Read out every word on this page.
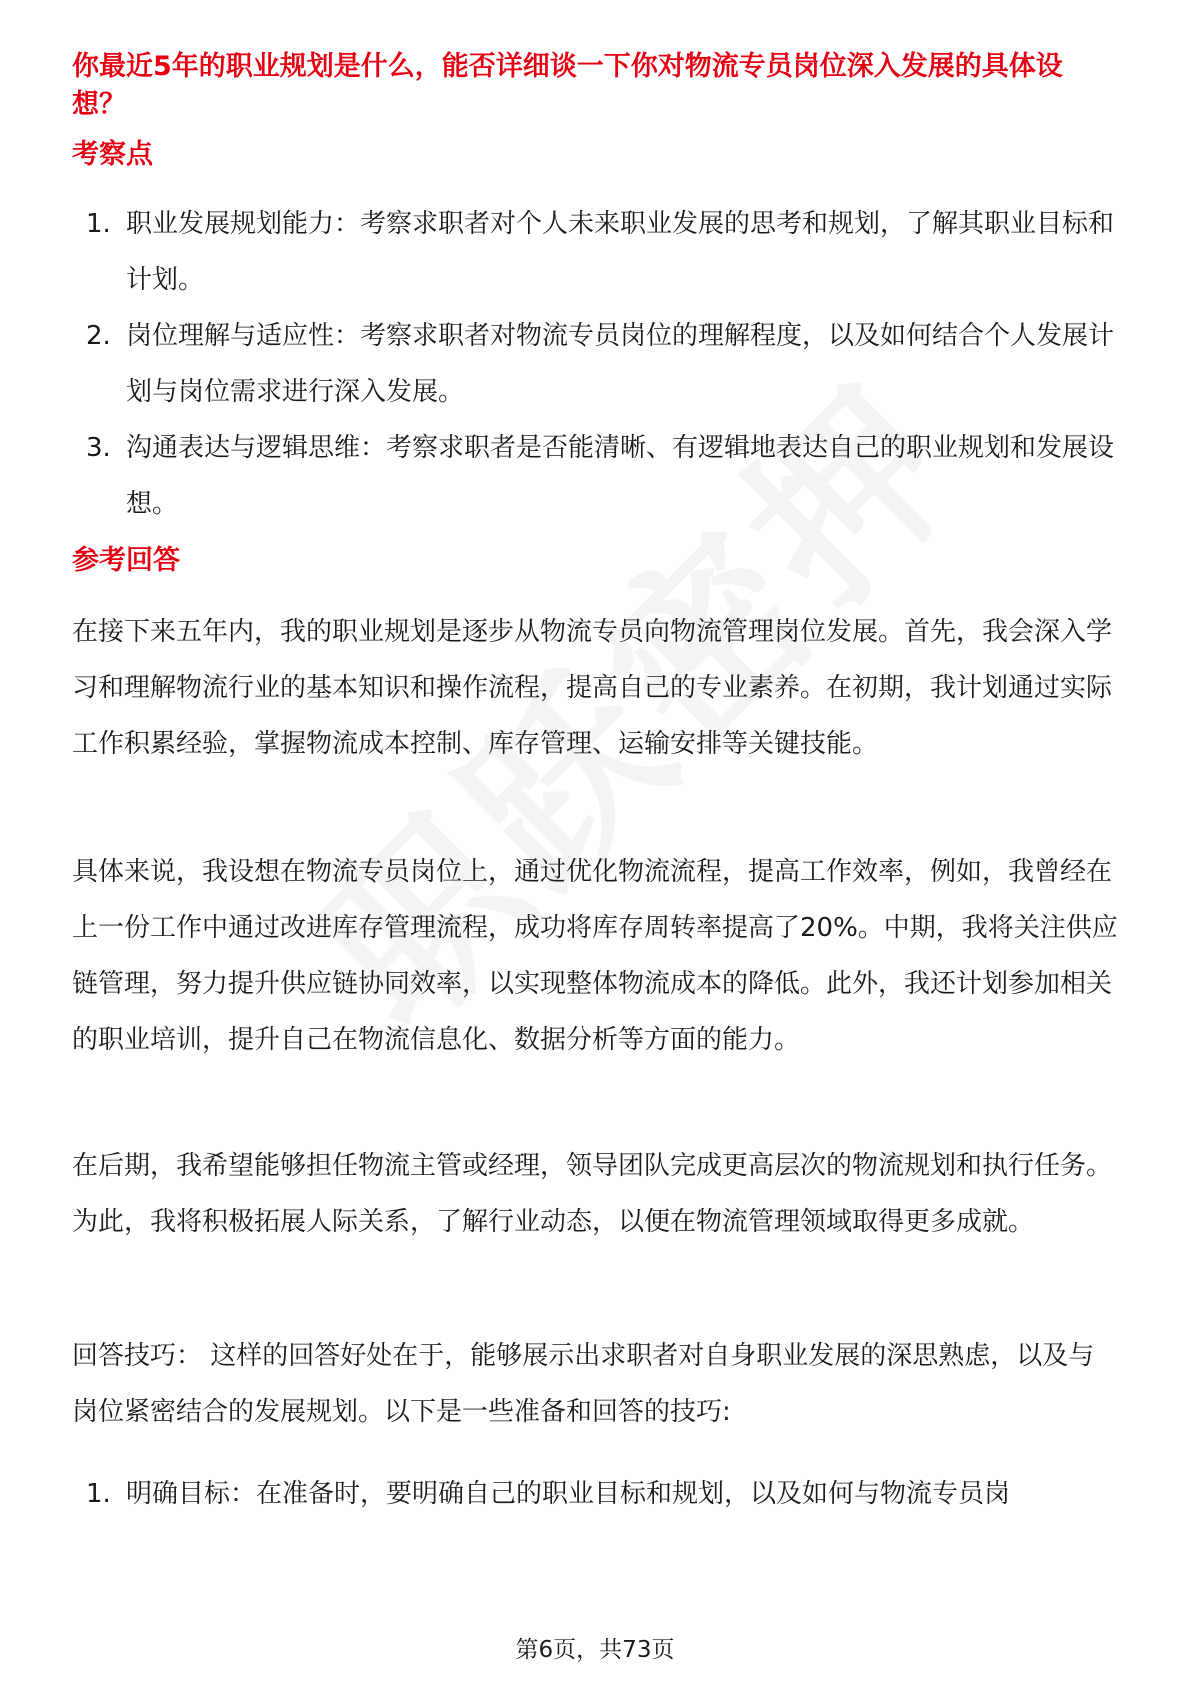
你最近5年的职业规划是什么，能否详细谈一下你对物流专员岗位深入发展的具体设想？
考察点
1. 职业发展规划能力：考察求职者对个人未来职业发展的思考和规划，了解其职业目标和计划。
2. 岗位理解与适应性：考察求职者对物流专员岗位的理解程度，以及如何结合个人发展计划与岗位需求进行深入发展。
3. 沟通表达与逻辑思维：考察求职者是否能清晰、有逻辑地表达自己的职业规划和发展设想。
参考回答

在接下来五年内，我的职业规划是逐步从物流专员向物流管理岗位发展。首先，我会深入学习和理解物流行业的基本知识和操作流程，提高自己的专业素养。在初期，我计划通过实际工作积累经验，掌握物流成本控制、库存管理、运输安排等关键技能。

具体来说，我设想在物流专员岗位上，通过优化物流流程，提高工作效率，例如，我曾经在上一份工作中通过改进库存管理流程，成功将库存周转率提高了20%。中期，我将关注供应链管理，努力提升供应链协同效率，以实现整体物流成本的降低。此外，我还计划参加相关的职业培训，提升自己在物流信息化、数据分析等方面的能力。

在后期，我希望能够担任物流主管或经理，领导团队完成更高层次的物流规划和执行任务。为此，我将积极拓展人际关系，了解行业动态，以便在物流管理领域取得更多成就。

回答技巧： 这样的回答好处在于，能够展示出求职者对自身职业发展的深思熟虑，以及与岗位紧密结合的发展规划。以下是一些准备和回答的技巧:

1. 明确目标：在准备时，要明确自己的职业目标和规划，以及如何与物流专员岗
第6页，共73页
